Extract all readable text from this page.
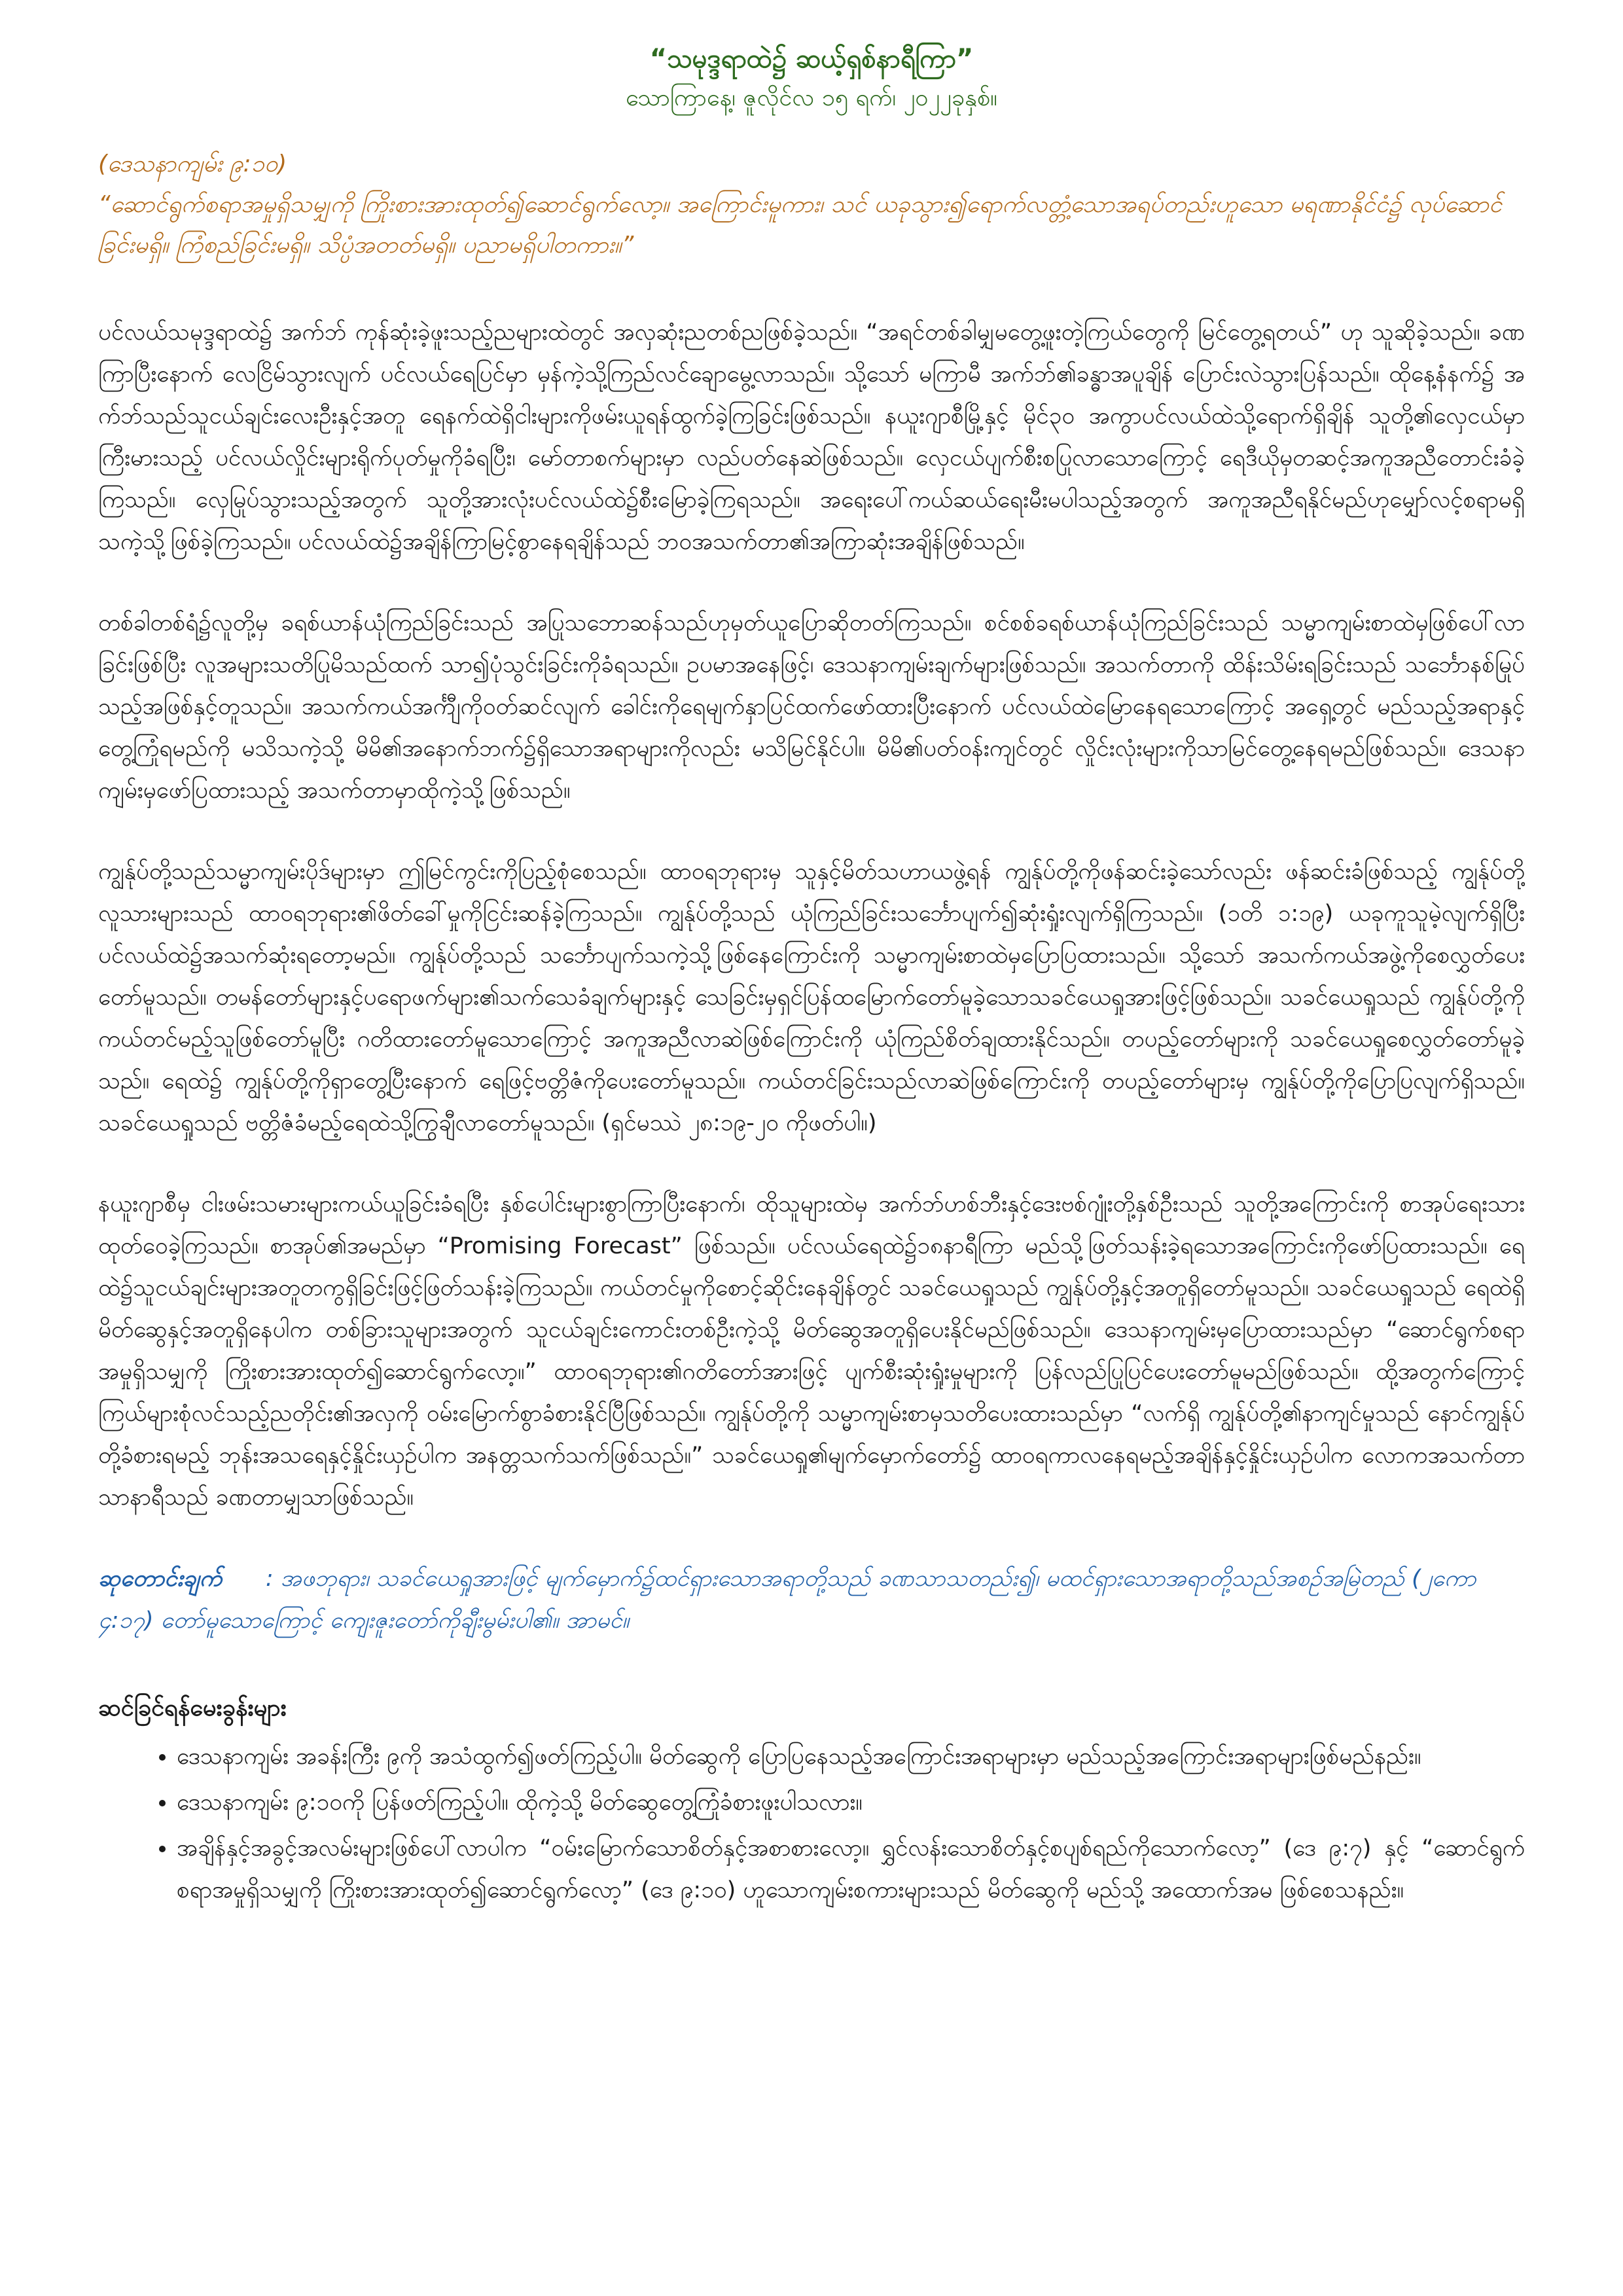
“သမုဒ္ဒရာထဲ၌ ဆယ့်ရှစ်နာရီကြာ”

သောကြာနေ့၊ ဇူလိုင်လ ၁၅ ရက်၊ ၂၀၂၂ခုနှစ်။

(ဒေသနာကျမ်း ၉:၁၀)

“ဆောင်ရွက်စရာအမှုရှိသမျှကို ကြိုးစားအားထုတ်၍ဆောင်ရွက်လော့။ အကြောင်းမူကား၊ သင် ယခုသွား၍ရောက်လတ္တံ့သောအရပ်တည်းဟူသော မရဏာနိုင်ငံ၌ လုပ်ဆောင်ခြင်းမရှိ။ ကြံစည်ခြင်းမရှိ။ သိပ္ပံအတတ်မရှိ။ ပညာမရှိပါတကား။”

ပင်လယ်သမုဒ္ဒရာထဲ၌ အက်ဘ် ကုန်ဆုံးခဲ့ဖူးသည့်ညများထဲတွင် အလှဆုံးညတစ်ညဖြစ်ခဲ့သည်။ “အရင်တစ်ခါမျှမတွေ့ဖူးတဲ့ကြယ်တွေကို မြင်တွေ့ရတယ်” ဟု သူဆိုခဲ့သည်။ ခဏကြာပြီးနောက် လေငြိမ်သွားလျက် ပင်လယ်ရေပြင်မှာ မှန်ကဲ့သို့ကြည်လင်ချောမွေ့လာသည်။ သို့သော် မကြာမီ အက်ဘ်၏ခန္ဓာအပူချိန် ပြောင်းလဲသွားပြန်သည်။ ထိုနေ့နံနက်၌ အက်ဘ်သည်သူငယ်ချင်းလေးဦးနှင့်အတူ ရေနက်ထဲရှိငါးများကိုဖမ်းယူရန်ထွက်ခဲ့ကြခြင်းဖြစ်သည်။ နယူးဂျာစီမြို့နှင့် မိုင်၃၀ အကွာပင်လယ်ထဲသို့ရောက်ရှိချိန် သူတို့၏လှေငယ်မှာကြီးမားသည့် ပင်လယ်လှိုင်းများရိုက်ပုတ်မှုကိုခံရပြီး၊ မော်တာစက်များမှာ လည်ပတ်နေဆဲဖြစ်သည်။ လှေငယ်ပျက်စီးစပြုလာသောကြောင့် ရေဒီယိုမှတဆင့်အကူအညီတောင်းခံခဲ့ကြသည်။ လှေမြုပ်သွားသည့်အတွက် သူတို့အားလုံးပင်လယ်ထဲ၌စီးမြောခဲ့ကြရသည်။ အရေးပေါ်ကယ်ဆယ်ရေးမီးမပါသည့်အတွက် အကူအညီရနိုင်မည်ဟုမျှော်လင့်စရာမရှိသကဲ့သို့ဖြစ်ခဲ့ကြသည်။ ပင်လယ်ထဲ၌အချိန်ကြာမြင့်စွာနေရချိန်သည် ဘဝအသက်တာ၏အကြာဆုံးအချိန်ဖြစ်သည်။

တစ်ခါတစ်ရံ၌လူတို့မှ ခရစ်ယာန်ယုံကြည်ခြင်းသည် အပြုသဘောဆန်သည်ဟုမှတ်ယူပြောဆိုတတ်ကြသည်။ စင်စစ်ခရစ်ယာန်ယုံကြည်ခြင်းသည် သမ္မာကျမ်းစာထဲမှဖြစ်ပေါ်လာခြင်းဖြစ်ပြီး လူအများသတိပြုမိသည်ထက် သာ၍ပုံသွင်းခြင်းကိုခံရသည်။ ဥပမာအနေဖြင့်၊ ဒေသနာကျမ်းချက်များဖြစ်သည်။ အသက်တာကို ထိန်းသိမ်းရခြင်းသည် သင်္ဘောနစ်မြုပ်သည့်အဖြစ်နှင့်တူသည်။ အသက်ကယ်အင်္ကျီကိုဝတ်ဆင်လျက် ခေါင်းကိုရေမျက်နှာပြင်ထက်ဖော်ထားပြီးနောက် ပင်လယ်ထဲမြောနေရသောကြောင့် အရှေ့တွင် မည်သည့်အရာနှင့်တွေ့ကြုံရမည်ကို မသိသကဲ့သို့ မိမိ၏အနောက်ဘက်၌ရှိသောအရာများကိုလည်း မသိမြင်နိုင်ပါ။ မိမိ၏ပတ်ဝန်းကျင်တွင် လှိုင်းလုံးများကိုသာမြင်တွေ့နေရမည်ဖြစ်သည်။ ဒေသနာကျမ်းမှဖော်ပြထားသည့် အသက်တာမှာထိုကဲ့သို့ဖြစ်သည်။

ကျွန်ုပ်တို့သည်သမ္မာကျမ်းပိုဒ်များမှာ ဤမြင်ကွင်းကိုပြည့်စုံစေသည်။ ထာဝရဘုရားမှ သူနှင့်မိတ်သဟာယဖွဲ့ရန် ကျွန်ုပ်တို့ကိုဖန်ဆင်းခဲ့သော်လည်း ဖန်ဆင်းခံဖြစ်သည့် ကျွန်ုပ်တို့လူသားများသည် ထာဝရဘုရား၏ဖိတ်ခေါ်မှုကိုငြင်းဆန်ခဲ့ကြသည်။ ကျွန်ုပ်တို့သည် ယုံကြည်ခြင်းသင်္ဘောပျက်၍ဆုံးရှုံးလျက်ရှိကြသည်။ (၁တိ ၁:၁၉) ယခုကူသူမဲ့လျက်ရှိပြီး ပင်လယ်ထဲ၌အသက်ဆုံးရတော့မည်။ ကျွန်ုပ်တို့သည် သင်္ဘောပျက်သကဲ့သို့ဖြစ်နေကြောင်းကို သမ္မာကျမ်းစာထဲမှပြောပြထားသည်။ သို့သော် အသက်ကယ်အဖွဲ့ကိုစေလွှတ်ပေးတော်မူသည်။ တမန်တော်များနှင့်ပရောဖက်များ၏သက်သေခံချက်များနှင့် သေခြင်းမှရှင်ပြန်ထမြောက်တော်မူခဲ့သောသခင်ယေရှုအားဖြင့်ဖြစ်သည်။ သခင်ယေရှုသည် ကျွန်ုပ်တို့ကိုကယ်တင်မည့်သူဖြစ်တော်မူပြီး ဂတိထားတော်မူသောကြောင့် အကူအညီလာဆဲဖြစ်ကြောင်းကို ယုံကြည်စိတ်ချထားနိုင်သည်။ တပည့်တော်များကို သခင်ယေရှုစေလွှတ်တော်မူခဲ့သည်။ ရေထဲ၌ ကျွန်ုပ်တို့ကိုရှာတွေ့ပြီးနောက် ရေဖြင့်ဗတ္တိဇံကိုပေးတော်မူသည်။ ကယ်တင်ခြင်းသည်လာဆဲဖြစ်ကြောင်းကို တပည့်တော်များမှ ကျွန်ုပ်တို့ကိုပြောပြလျက်ရှိသည်။ သခင်ယေရှုသည် ဗတ္တိဇံခံမည့်ရေထဲသို့ကြွချီလာတော်မူသည်။ (ရှင်မဿဲ ၂၈:၁၉-၂၀ ကိုဖတ်ပါ။)

နယူးဂျာစီမှ ငါးဖမ်းသမားများကယ်ယူခြင်းခံရပြီး နှစ်ပေါင်းများစွာကြာပြီးနောက်၊ ထိုသူများထဲမှ အက်ဘ်ဟစ်ဘီးနှင့်ဒေးဗစ်ဂျုံးတို့နှစ်ဦးသည် သူတို့အကြောင်းကို စာအုပ်ရေးသားထုတ်ဝေခဲ့ကြသည်။ စာအုပ်၏အမည်မှာ “Promising Forecast” ဖြစ်သည်။ ပင်လယ်ရေထဲ၌၁၈နာရီကြာ မည်သို့ဖြတ်သန်းခဲ့ရသောအကြောင်းကိုဖော်ပြထားသည်။ ရေထဲ၌သူငယ်ချင်းများအတူတကွရှိခြင်းဖြင့်ဖြတ်သန်းခဲ့ကြသည်။ ကယ်တင်မှုကိုစောင့်ဆိုင်းနေချိန်တွင် သခင်ယေရှုသည် ကျွန်ုပ်တို့နှင့်အတူရှိတော်မူသည်။ သခင်ယေရှုသည် ရေထဲရှိမိတ်ဆွေနှင့်အတူရှိနေပါက တစ်ခြားသူများအတွက် သူငယ်ချင်းကောင်းတစ်ဦးကဲ့သို့ မိတ်ဆွေအတူရှိပေးနိုင်မည်ဖြစ်သည်။ ဒေသနာကျမ်းမှပြောထားသည်မှာ “ဆောင်ရွက်စရာအမှုရှိသမျှကို ကြိုးစားအားထုတ်၍ဆောင်ရွက်လော့။” ထာဝရဘုရား၏ဂတိတော်အားဖြင့် ပျက်စီးဆုံးရှုံးမှုများကို ပြန်လည်ပြုပြင်ပေးတော်မူမည်ဖြစ်သည်။ ထို့အတွက်ကြောင့် ကြယ်များစုံလင်သည့်ညတိုင်း၏အလှကို ဝမ်းမြောက်စွာခံစားနိုင်ပြီဖြစ်သည်။ ကျွန်ုပ်တို့ကို သမ္မာကျမ်းစာမှသတိပေးထားသည်မှာ “လက်ရှိ ကျွန်ုပ်တို့၏နာကျင်မှုသည် နောင်ကျွန်ုပ်တို့ခံစားရမည့် ဘုန်းအသရေနှင့်နှိုင်းယှဉ်ပါက အနတ္တသက်သက်ဖြစ်သည်။” သခင်ယေရှု၏မျက်မှောက်တော်၌ ထာဝရကာလနေရမည့်အချိန်နှင့်နှိုင်းယှဉ်ပါက လောကအသက်တာသာနာရီသည် ခဏတာမျှသာဖြစ်သည်။

ဆုတောင်းချက် : အဖဘုရား၊ သခင်ယေရှုအားဖြင့် မျက်မှောက်၌ထင်ရှားသောအရာတို့သည် ခဏသာသတည်း၍၊ မထင်ရှားသောအရာတို့သည်အစဉ်အမြဲတည် (၂ကော ၄:၁၇) တော်မူသောကြောင့် ကျေးဇူးတော်ကိုချီးမွမ်းပါ၏။ အာမင်။

ဆင်ခြင်ရန်မေးခွန်းများ

• ဒေသနာကျမ်း အခန်းကြီး ၉ကို အသံထွက်၍ဖတ်ကြည့်ပါ။ မိတ်ဆွေကို ပြောပြနေသည့်အကြောင်းအရာများမှာ မည်သည့်အကြောင်းအရာများဖြစ်မည်နည်း။
• ဒေသနာကျမ်း ၉:၁၀ကို ပြန်ဖတ်ကြည့်ပါ။ ထိုကဲ့သို့ မိတ်ဆွေတွေ့ကြုံခံစားဖူးပါသလား။
• အချိန်နှင့်အခွင့်အလမ်းများဖြစ်ပေါ်လာပါက “ဝမ်းမြောက်သောစိတ်နှင့်အစာစားလော့။ ရွှင်လန်းသောစိတ်နှင့်စပျစ်ရည်ကိုသောက်လော့” (ဒေ ၉:၇) နှင့် “ဆောင်ရွက်စရာအမှုရှိသမျှကို ကြိုးစားအားထုတ်၍ဆောင်ရွက်လော့” (ဒေ ၉:၁၀) ဟူသောကျမ်းစကားများသည် မိတ်ဆွေကို မည်သို့ အထောက်အမ ဖြစ်စေသနည်း။
